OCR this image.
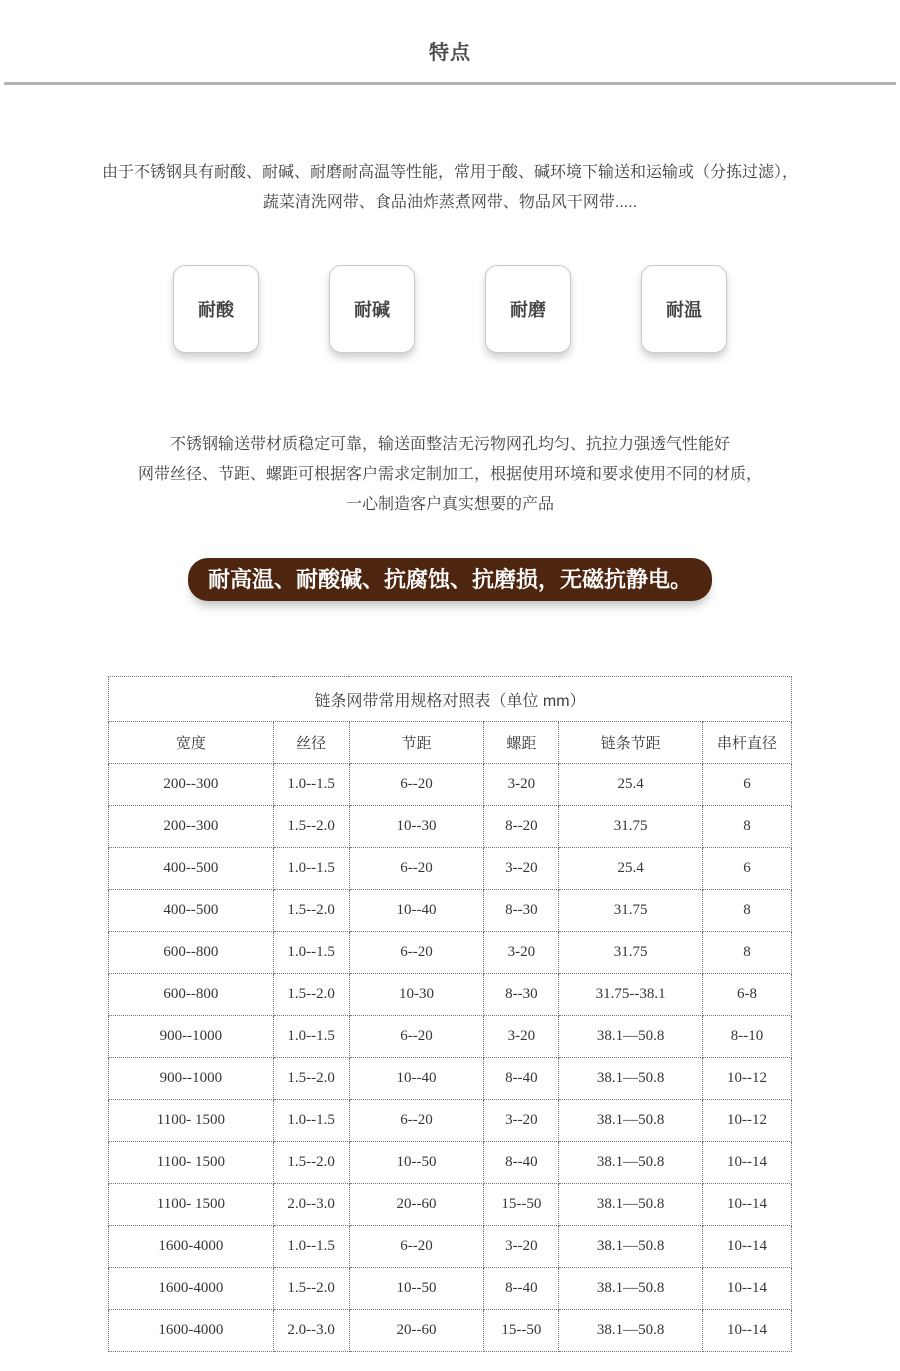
特点
由于不锈钢具有耐酸、耐碱、耐磨耐高温等性能，常用于酸、碱环境下输送和运输或（分拣过滤），
蔬菜清洗网带、食品油炸蒸煮网带、物品风干网带.....
耐酸	耐碱	耐磨	耐温
不锈钢输送带材质稳定可靠，输送面整洁无污物网孔均匀、抗拉力强透气性能好
网带丝径、节距、螺距可根据客户需求定制加工，根据使用环境和要求使用不同的材质，
一心制造客户真实想要的产品
耐高温、耐酸碱、抗腐蚀、抗磨损，无磁抗静电。
链条网带常用规格对照表（单位 mm）					
宽度	丝径	节距	螺距	链条节距	串杆直径
200--300	1.0--1.5	6--20	3-20	25.4	6
200--300	1.5--2.0	10--30	8--20	31.75	8
400--500	1.0--1.5	6--20	3--20	25.4	6
400--500	1.5--2.0	10--40	8--30	31.75	8
600--800	1.0--1.5	6--20	3-20	31.75	8
600--800	1.5--2.0	10-30	8--30	31.75--38.1	6-8
900--1000	1.0--1.5	6--20	3-20	38.1—50.8	8--10
900--1000	1.5--2.0	10--40	8--40	38.1—50.8	10--12
1100- 1500	1.0--1.5	6--20	3--20	38.1—50.8	10--12
1100- 1500	1.5--2.0	10--50	8--40	38.1—50.8	10--14
1100- 1500	2.0--3.0	20--60	15--50	38.1—50.8	10--14
1600-4000	1.0--1.5	6--20	3--20	38.1—50.8	10--14
1600-4000	1.5--2.0	10--50	8--40	38.1—50.8	10--14
1600-4000	2.0--3.0	20--60	15--50	38.1—50.8	10--14
